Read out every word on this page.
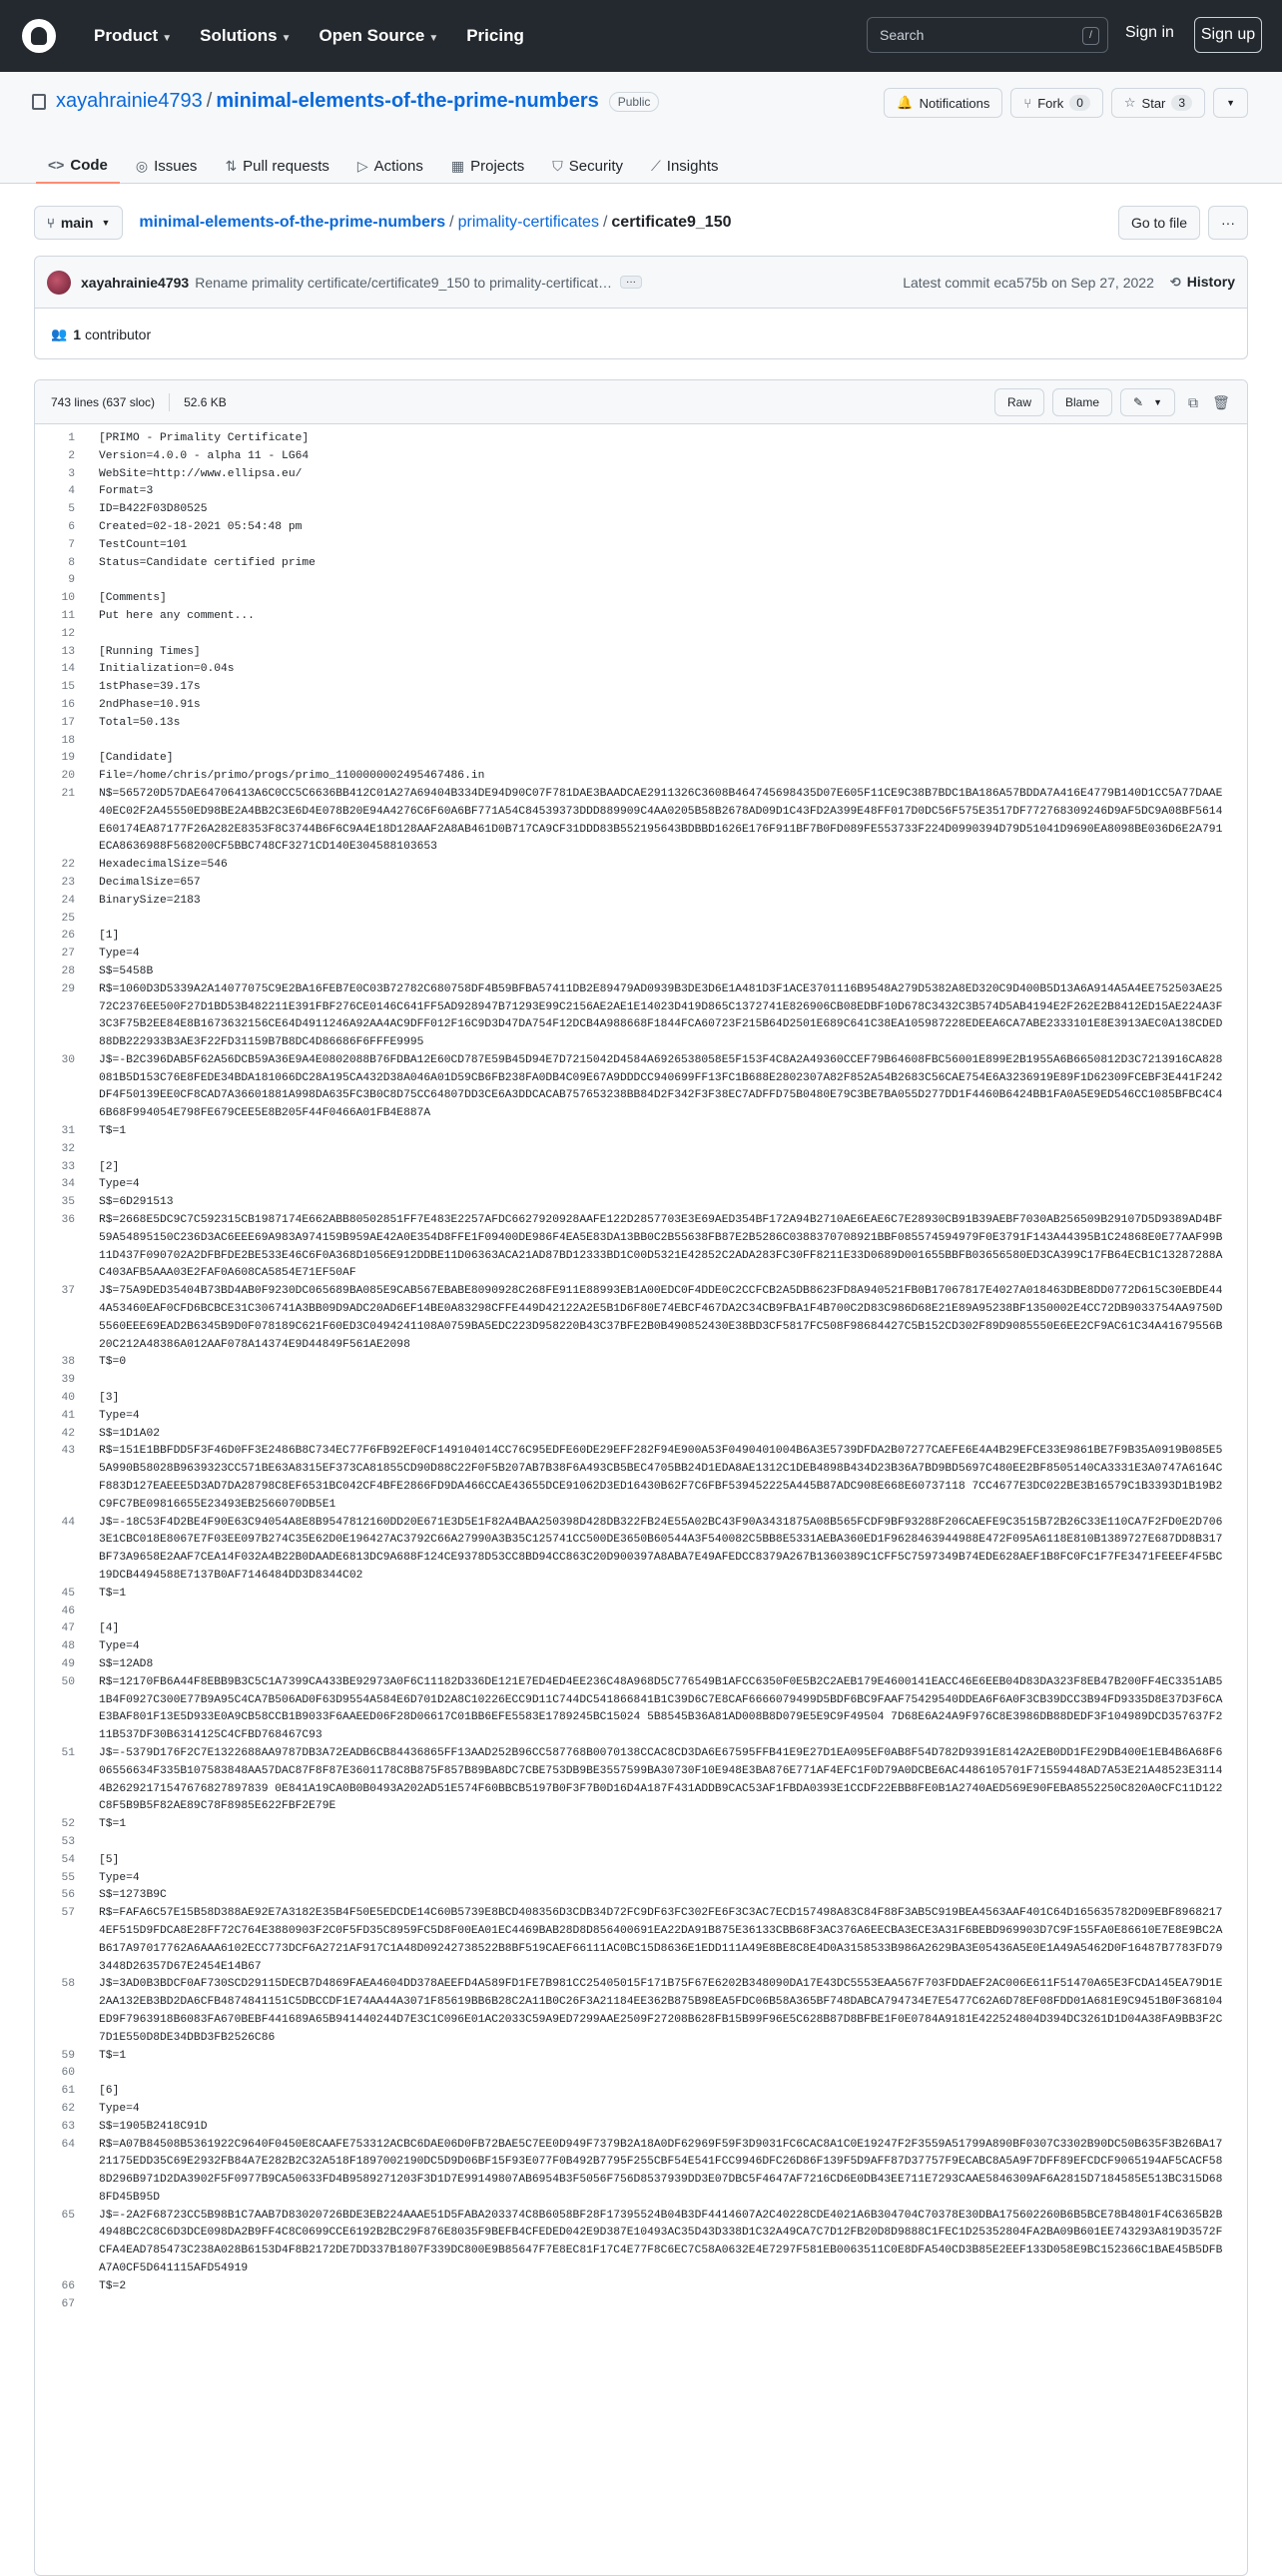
Product ▼ Solutions ▼ Open Source ▼ Pricing	Search	/	Sign in	Sign up
xayahrainie4793 / minimal-elements-of-the-prime-numbers	Public	🔔 Notifications	⑂ Fork	0	☆ Star	3	▼
<> Code ◎ Issues ⇅ Pull requests ▷ Actions ▦ Projects ⛉ Security ⟋ Insights
⑂ main ▼ minimal-elements-of-the-prime-numbers / primality-certificates / certificate9_150	Go to file	···
xayahrainie4793 Rename primality certificate/certificate9_150 to primality-certificat…	···	Latest commit eca575b on Sep 27, 2022 ⟲ History
👥 1 contributor
743 lines (637 sloc) 52.6 KB	Raw	Blame	✎ ▼	⧉	🗑
1	[PRIMO - Primality Certificate]
2	Version=4.0.0 - alpha 11 - LG64
3	WebSite=http://www.ellipsa.eu/
4	Format=3
5	ID=B422F03D80525
6	Created=02-18-2021 05:54:48 pm
7	TestCount=101
8	Status=Candidate certified prime
9

10	[Comments]
11	Put here any comment...
12

13	[Running Times]
14	Initialization=0.04s
15	1stPhase=39.17s
16	2ndPhase=10.91s
17	Total=50.13s
18

19	[Candidate]
20	File=/home/chris/primo/progs/primo_1100000002495467486.in
21	N$=565720D57DAE64706413A6C0CC5C6636BB412C01A27A69404B334DE94D90C07F781DAE3BAADCAE2911326C3608B464745698435D07E605F11CE9C38B7BDC1BA186A57BDDA7A416E4779B140D1CC5A77DAAE40EC02F2A45550ED98BE2A4BB2C3E6D4E078B20E94A4276C6F60A6BF771A54C84539373DDD889909C4AA0205B58B2678AD09D1C43FD2A399E48FF017D0DC56F575E3517DF772768309246D9AF5DC9A08BF5614E60174EA87177F26A282E8353F8C3744B6F6C9A4E18D128AAF2A8AB461D0B717CA9CF31DDD83B552195643BDBBD1626E176F911BF7B0FD089FE553733F224D0990394D79D51041D9690EA8098BE036D6E2A791ECA8636988F568200CF5BBC748CF3271CD140E304588103653
22	HexadecimalSize=546
23	DecimalSize=657
24	BinarySize=2183
25

26	[1]
27	Type=4
28	S$=5458B
29	R$=1060D3D5339A2A14077075C9E2BA16FEB7E0C03B72782C680758DF4B59BFBA57411DB2E89479AD0939B3DE3D6E1A481D3F1ACE3701116B9548A279D5382A8ED320C9D400B5D13A6A914A5A4EE752503AE2572C2376EE500F27D1BD53B482211E391FBF276CE0146C641FF5AD928947B71293E99C2156AE2AE1E14023D419D865C1372741E826906CB08EDBF10D678C3432C3B574D5AB4194E2F262E2B8412ED15AE224A3F3C3F75B2EE84E8B1673632156CE64D4911246A92AA4AC9DFF012F16C9D3D47DA754F12DCB4A988668F1844FCA60723F215B64D2501E689C641C38EA105987228EDEEA6CA7ABE2333101E8E3913AEC0A138CDED88DB222933B3AE3F22FD31159B7B8DC4D86686F6FFFE9995
30	J$=-B2C396DAB5F62A56DCB59A36E9A4E0802088B76FDBA12E60CD787E59B45D94E7D7215042D4584A6926538058E5F153F4C8A2A49360CCEF79B64608FBC56001E899E2B1955A6B6650812D3C7213916CA828081B5D153C76E8FEDE34BDA181066DC28A195CA432D38A046A01D59CB6FB238FA0DB4C09E67A9DDDCC940699FF13FC1B688E2802307A82F852A54B2683C56CAE754E6A3236919E89F1D62309FCEBF3E441F242DF4F50139EE0CF8CAD7A36601881A998DA635FC3B0C8D75CC64807DD3CE6A3DDCACAB757653238BB84D2F342F3F38EC7ADFFD75B0480E79C3BE7BA055D277DD1F4460B6424BB1FA0A5E9ED546CC1085BFBC4C46B68F994054E798FE679CEE5E8B205F44F0466A01FB4E887A
31	T$=1
32

33	[2]
34	Type=4
35	S$=6D291513
36	R$=2668E5DC9C7C592315CB1987174E662ABB80502851FF7E483E2257AFDC6627920928AAFE122D2857703E3E69AED354BF172A94B2710AE6EAE6C7E28930CB91B39AEBF7030AB256509B29107D5D9389AD4BF59A54895150C236D3AC6EEE69A983A974159B959AE42A0E354D8FFE1F09400DE986F4EA5E83DA13BB0C2B55638FB87E2B5286C0388370708921BBF085574594979F0E3791F143A44395B1C24868E0E77AAF99B11D437F090702A2DFBFDE2BE533E46C6F0A368D1056E912DDBE11D06363ACA21AD87BD12333BD1C00D5321E42852C2ADA283FC30FF8211E33D0689D001655BBFB03656580ED3CA399C17FB64ECB1C13287288AC403AFB5AAA03E2FAF0A608CA5854E71EF50AF
37	J$=75A9DED35404B73BD4AB0F9230DC065689BA085E9CAB567EBABE8090928C268FE911E88993EB1A00EDC0F4DDE0C2CCFCB2A5DB8623FD8A940521FB0B17067817E4027A018463DBE8DD0772D615C30EBDE444A53460EAF0CFD6BCBCE31C306741A3BB09D9ADC20AD6EF14BE0A83298CFFE449D42122A2E5B1D6F80E74EBCF467DA2C34CB9FBA1F4B700C2D83C986D68E21E89A95238BF1350002E4CC72DB9033754AA9750D5560EEE69EAD2B6345B9D0F078189C621F60ED3C0494241108A0759BA5EDC223D958220B43C37BFE2B0B490852430E38BD3CF5817FC508F98684427C5B152CD302F89D9085550E6EE2CF9AC61C34A41679556B20C212A48386A012AAF078A14374E9D44849F561AE2098
38	T$=0
39

40	[3]
41	Type=4
42	S$=1D1A02
43	R$=151E1BBFDD5F3F46D0FF3E2486B8C734EC77F6FB92EF0CF149104014CC76C95EDFE60DE29EFF282F94E900A53F0490401004B6A3E5739DFDA2B07277CAEFE6E4A4B29EFCE33E9861BE7F9B35A0919B085E55A990B58028B9639323CC571BE63A8315EF373CA81855CD90D88C22F0F5B207AB7B38F6A493CB5BEC4705BB24D1EDA8AE1312C1DEB4898B434D23B36A7BD9BD5697C480EE2BF8505140CA3331E3A0747A6164CF883D127EAEEE5D3AD7DA28798C8EF6531BC042CF4BFE2866FD9DA466CCAE43655DCE91062D3ED16430B62F7C6FBF539452225A445B87ADC908E668E60737118 7CC4677E3DC022BE3B16579C1B3393D1B19B2C9FC7BE09816655E23493EB2566070DB5E1
44	J$=-18C53F4D2BE4F90E63C94054A8E8B9547812160DD20E671E3D5E1F82A4BAA250398D428DB322FB24E55A02BC43F90A3431875A08B565FCDF9BF93288F206CAEFE9C3515B72B26C33E110CA7F2FD0E2D7063E1CBC018E8067E7F03EE097B274C35E62D0E196427AC3792C66A27990A3B35C125741CC500DE3650B60544A3F540082C5BB8E5331AEBA360ED1F9628463944988E472F095A6118E810B1389727E687DD8B317BF73A9658E2AAF7CEA14F032A4B22B0DAADE6813DC9A688F124CE9378D53CC8BD94CC863C20D900397A8ABA7E49AFEDCC8379A267B1360389C1CFF5C7597349B74EDE628AEF1B8FC0FC1F7FE3471FEEEF4F5BC19DCB4494588E7137B0AF7146484DD3D8344C02
45	T$=1
46

47	[4]
48	Type=4
49	S$=12AD8
50	R$=12170FB6A44F8EBB9B3C5C1A7399CA433BE92973A0F6C11182D336DE121E7ED4ED4EE236C48A968D5C776549B1AFCC6350F0E5B2C2AEB179E4600141EACC46E6EEB04D83DA323F8EB47B200FF4EC3351AB51B4F0927C300E77B9A95C4CA7B506AD0F63D9554A584E6D701D2A8C10226ECC9D11C744DC541866841B1C39D6C7E8CAF6666079499D5BDF6BC9FAAF75429540DDEA6F6A0F3CB39DCC3B94FD9335D8E37D3F6CAE3BAF801F13E5D933E0A9CB58CCB1B9033F6AAEED06F28D06617C01BB6EFE5583E1789245BC15024 5B8545B36A81AD008B8D079E5E9C9F49504 7D68E6A24A9F976C8E3986DB88DEDF3F104989DCD357637F211B537DF30B6314125C4CFBD768467C93
51	J$=-5379D176F2C7E1322688AA9787DB3A72EADB6CB84436865FF13AAD252B96CC587768B0070138CCAC8CD3DA6E67595FFB41E9E27D1EA095EF0AB8F54D782D9391E8142A2EB0DD1FE29DB400E1EB4B6A68F606556634F335B107583848AA57DAC87F8F87E3601178C8B875F857B89BA8DC7CBE753DB9BE3557599BA30730F10E948E3BA876E771AF4EFC1F0D79A0DCBE6AC4486105701F71559448AD7A53E21A48523E31144B26292171547676827897839 0E841A19CA0B0B0493A202AD51E574F60BBCB5197B0F3F7B0D16D4A187F431ADDB9CAC53AF1FBDA0393E1CCDF22EBB8FE0B1A2740AED569E90FEBA8552250C820A0CFC11D122C8F5B9B5F82AE89C78F8985E622FBF2E79E
52	T$=1
53

54	[5]
55	Type=4
56	S$=1273B9C
57	R$=FAFA6C57E15B58D388AE92E7A3182E35B4F50E5EDCDE14C60B5739E8BCD408356D3CDB34D72FC9DF63FC302FE6F3C3AC7ECD157498A83C84F88F3AB5C919BEA4563AAF401C64D165635782D09EBF89682174EF515D9FDCA8E28FF72C764E3880903F2C0F5FD35C8959FC5D8F00EA01EC4469BAB28D8D856400691EA22DA91B875E36133CBB68F3AC376A6EECBA3ECE3A31F6BEBD969903D7C9F155FA0E86610E7E8E9BC2AB617A97017762A6AAA6102ECC773DCF6A2721AF917C1A48D09242738522B8BF519CAEF66111AC0BC15D8636E1EDD111A49E8BE8C8E4D0A3158533B986A2629BA3E05436A5E0E1A49A5462D0F16487B7783FD793448D26357D67E2454E14B67
58	J$=3AD0B3BDCF0AF730SCD29115DECB7D4869FAEA4604DD378AEEFD4A589FD1FE7B981CC25405015F171B75F67E6202B348090DA17E43DC5553EAA567F703FDDAEF2AC006E611F51470A65E3FCDA145EA79D1E2AA132EB3BD2DA6CFB4874841151C5DBCCDF1E74AA44A3071F85619BB6B28C2A11B0C26F3A21184EE362B875B98EA5FDC06B58A365BF748DABCA794734E7E5477C62A6D78EF08FDD01A681E9C9451B0F368104ED9F7963918B6083FA670BEBF441689A65B941440244D7E3C1C096E01AC2033C59A9ED7299AAE2509F27208B628FB15B99F96E5C628B87D8BFBE1F0E0784A9181E422524804D394DC3261D1D04A38FA9BB3F2C7D1E550D8DE34DBD3FB2526C86
59	T$=1
60

61	[6]
62	Type=4
63	S$=1905B2418C91D
64	R$=A07B84508B5361922C9640F0450E8CAAFE753312ACBC6DAE06D0FB72BAE5C7EE0D949F7379B2A18A0DF62969F59F3D9031FC6CAC8A1C0E19247F2F3559A51799A890BF0307C3302B90DC50B635F3B26BA1721175EDD35C69E2932FB84A7E282B2C32A518F1897002190DC5D9D06BF15F93E077F0B492B7795F255CBF54E541FCC9946DFC26D86F139F5D9AFF87D37757F9ECABC8A5A9F7DFF89EFCDCF9065194AF5CACF588D296B971D2DA3902F5F0977B9CA50633FD4B9589271203F3D1D7E99149807AB6954B3F5056F756D8537939DD3E07DBC5F4647AF7216CD6E0DB43EE711E7293CAAE5846309AF6A2815D7184585E513BC315D688FD45B95D
65	J$=-2A2F68723CC5B98B1C7AAB7D83020726BDE3EB224AAAE51D5FABA203374C8B6058BF28F17395524B04B3DF4414607A2C40228CDE4021A6B304704C70378E30DBA175602260B6B5BCE78B4801F4C6365B2B4948BC2C8C6D3DCE098DA2B9FF4C8C0699CCE6192B2BC29F876E8035F9BEFB4CFEDED042E9D387E10493AC35D43D338D1C32A49CA7C7D12FB20D8D9888C1FEC1D25352804FA2BA09B601EE743293A819D3572FCFA4EAD785473C238A028B6153D4F8B2172DE7DD337B1807F339DC800E9B85647F7E8EC81F17C4E77F8C6EC7C58A0632E4E7297F581EB0063511C0E8DFA540CD3B85E2EEF133D058E9BC152366C1BAE45B5DFBA7A0CF5D641115AFD54919
66	T$=2
67
